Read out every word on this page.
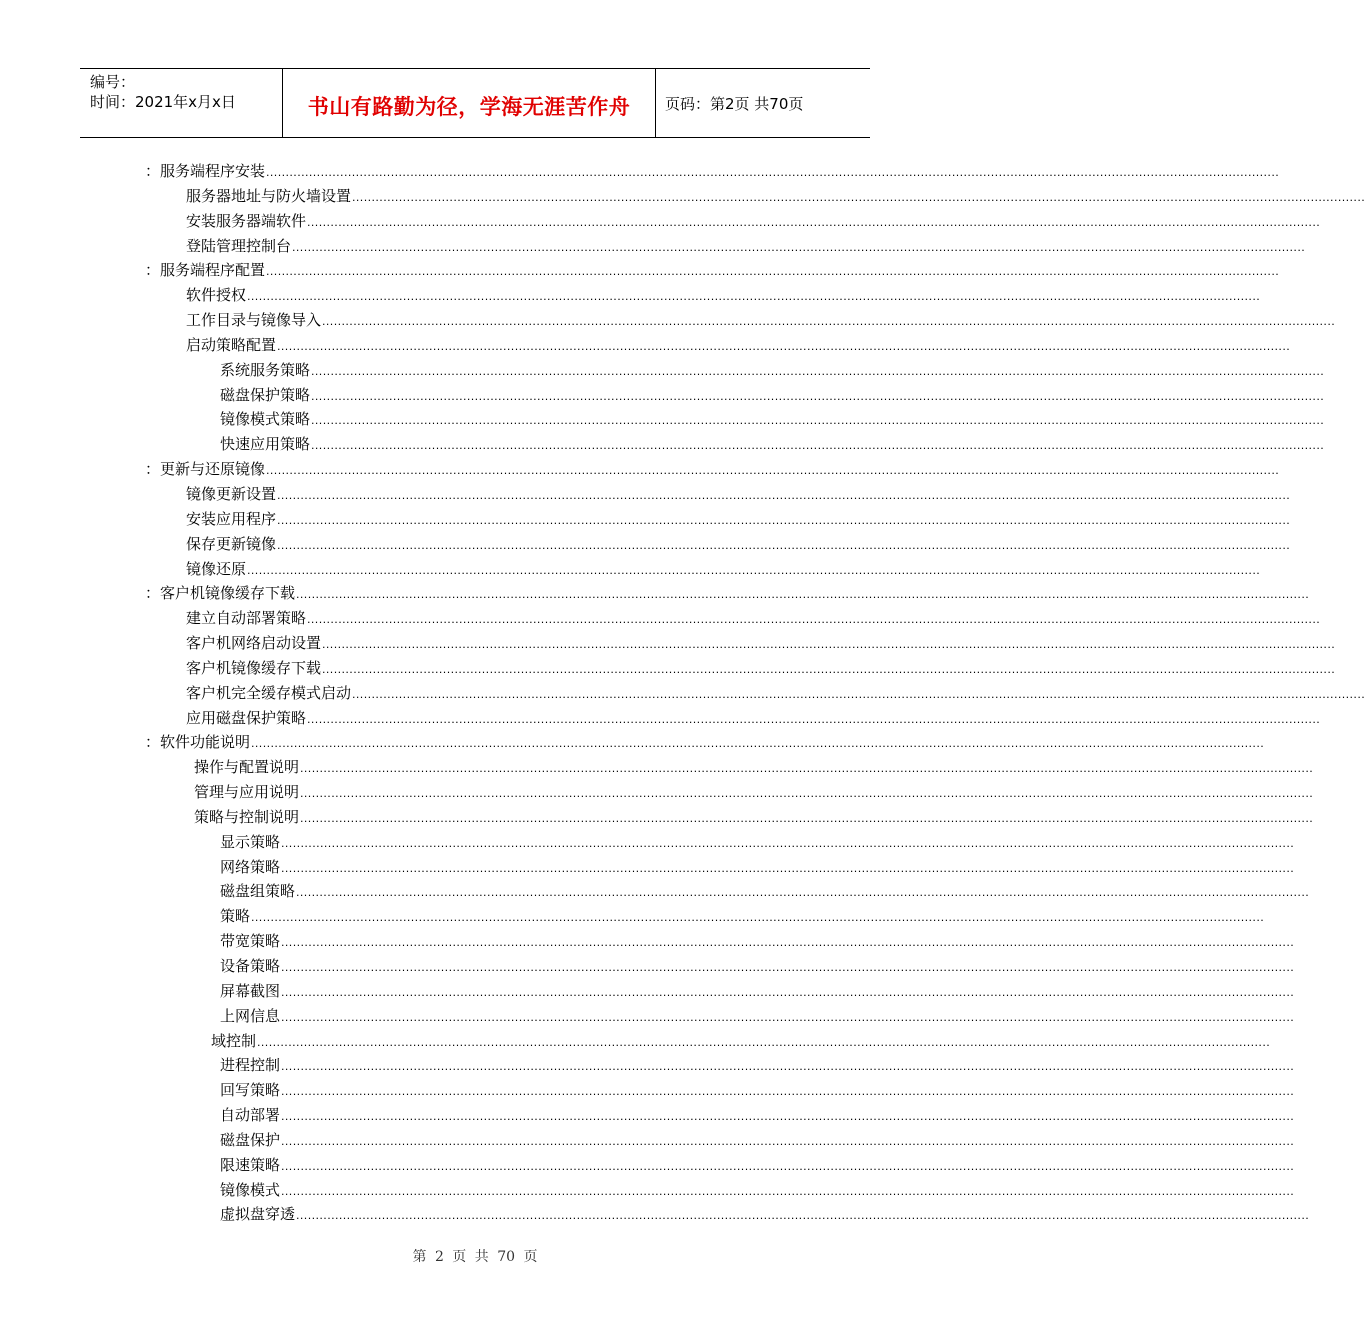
编号：
时间：2021年x月x日	书山有路勤为径，学海无涯苦作舟	页码：第2页 共70页
：服务端程序安装 ....................................................................................................................................................................................................................................................................
服务器地址与防火墙设置 ....................................................................................................................................................................................................................................................................
安装服务器端软件 ....................................................................................................................................................................................................................................................................
登陆管理控制台 ....................................................................................................................................................................................................................................................................
：服务端程序配置 ....................................................................................................................................................................................................................................................................
软件授权 ....................................................................................................................................................................................................................................................................
工作目录与镜像导入 ....................................................................................................................................................................................................................................................................
启动策略配置 ....................................................................................................................................................................................................................................................................
系统服务策略 ....................................................................................................................................................................................................................................................................
磁盘保护策略 ....................................................................................................................................................................................................................................................................
镜像模式策略 ....................................................................................................................................................................................................................................................................
快速应用策略 ....................................................................................................................................................................................................................................................................
：更新与还原镜像 ....................................................................................................................................................................................................................................................................
镜像更新设置 ....................................................................................................................................................................................................................................................................
安装应用程序 ....................................................................................................................................................................................................................................................................
保存更新镜像 ....................................................................................................................................................................................................................................................................
镜像还原 ....................................................................................................................................................................................................................................................................
：客户机镜像缓存下载 ....................................................................................................................................................................................................................................................................
建立自动部署策略 ....................................................................................................................................................................................................................................................................
客户机网络启动设置 ....................................................................................................................................................................................................................................................................
客户机镜像缓存下载 ....................................................................................................................................................................................................................................................................
客户机完全缓存模式启动 ....................................................................................................................................................................................................................................................................
应用磁盘保护策略 ....................................................................................................................................................................................................................................................................
：软件功能说明 ....................................................................................................................................................................................................................................................................
操作与配置说明 ....................................................................................................................................................................................................................................................................
管理与应用说明 ....................................................................................................................................................................................................................................................................
策略与控制说明 ....................................................................................................................................................................................................................................................................
显示策略 ....................................................................................................................................................................................................................................................................
网络策略 ....................................................................................................................................................................................................................................................................
磁盘组策略 ....................................................................................................................................................................................................................................................................
策略 ....................................................................................................................................................................................................................................................................
带宽策略 ....................................................................................................................................................................................................................................................................
设备策略 ....................................................................................................................................................................................................................................................................
屏幕截图 ....................................................................................................................................................................................................................................................................
上网信息 ....................................................................................................................................................................................................................................................................
域控制 ....................................................................................................................................................................................................................................................................
进程控制 ....................................................................................................................................................................................................................................................................
回写策略 ....................................................................................................................................................................................................................................................................
自动部署 ....................................................................................................................................................................................................................................................................
磁盘保护 ....................................................................................................................................................................................................................................................................
限速策略 ....................................................................................................................................................................................................................................................................
镜像模式 ....................................................................................................................................................................................................................................................................
虚拟盘穿透 ....................................................................................................................................................................................................................................................................
第 2 页 共 70 页
